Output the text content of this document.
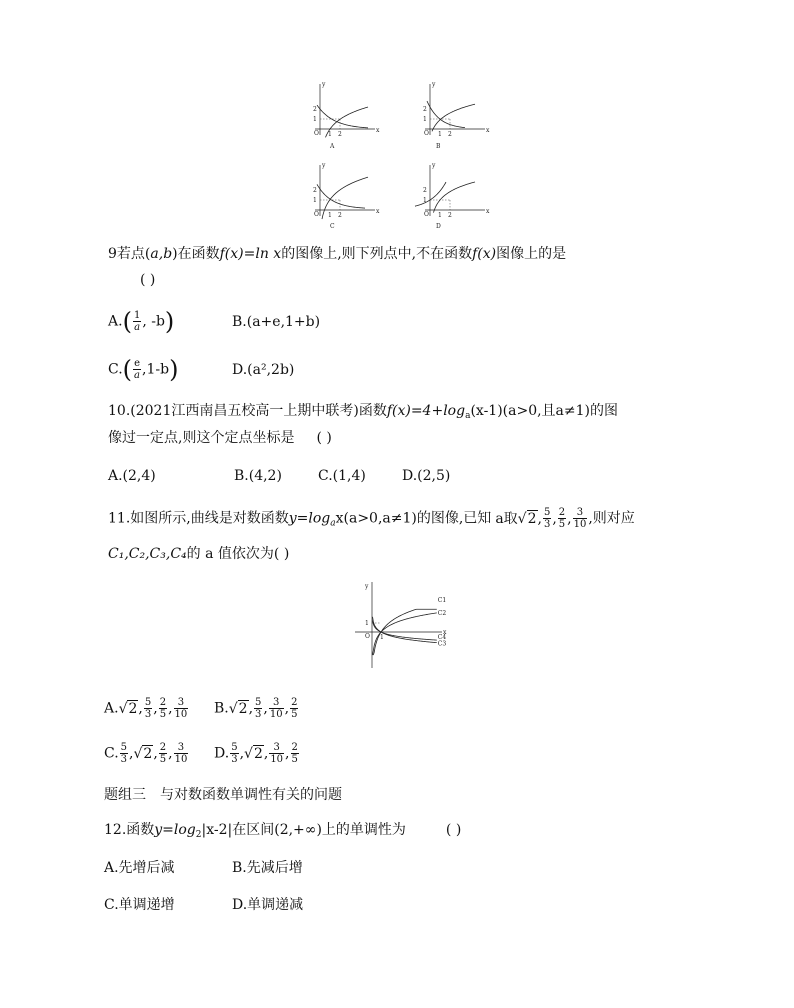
x
y
O 1 2
1
2
A
x
y
O 1 2
1
2
B
x
y
O 1 2
1
2
C
x
y
O 1 2
1
2
D
9若点(a,b)在函数f(x)=ln x的图像上,则下列点中,不在函数f(x)图像上的是
( )
$A.( \frac{1}{a}$ , -b)	B.(a+e,1+b)
$C.( \frac{e}{a} ,1-b)$	D.(a²,2b)
10.(2021江西南昌五校高一上期中联考)函数$f(x)=4+\log_a(x-1)(a>0$,且a≠1)的图
像过一定点,则这个定点坐标是 ( )
A.(2,4)	B.(4,2)	C.(1,4)	D.(2,5)
11.如图所示,曲线是对数函数$y=\log_ax(a>0,a\ne 1)$的图像,已知 a取√2, $\frac{5}{3}$ , $\frac{2}{5}$ , $\frac{3}{10}$ ,则对应
C₁,C₂,C₃,C₄的 a 值依次为( )
x
y
O 1
1
C1
C2
C3
C4
A.√2, $\frac{5}{3}$ , $\frac{2}{5}$ , $\frac{3}{10} B.√2$, $\frac{5}{3}$ , $\frac{3}{10}$ , $\frac{2}{5}$
C. $\frac{5}{3} ,√2$, $\frac{2}{5}$ , $\frac{3}{10} D$. $\frac{5}{3} ,√2$, $\frac{3}{10}$ , $\frac{2}{5}$
题组三　与对数函数单调性有关的问题
12.函数$y=\log_2|x-2|$在区间(2,+∞)上的单调性为	( )
A.先增后减	B.先减后增
C.单调递增	D.单调递减
